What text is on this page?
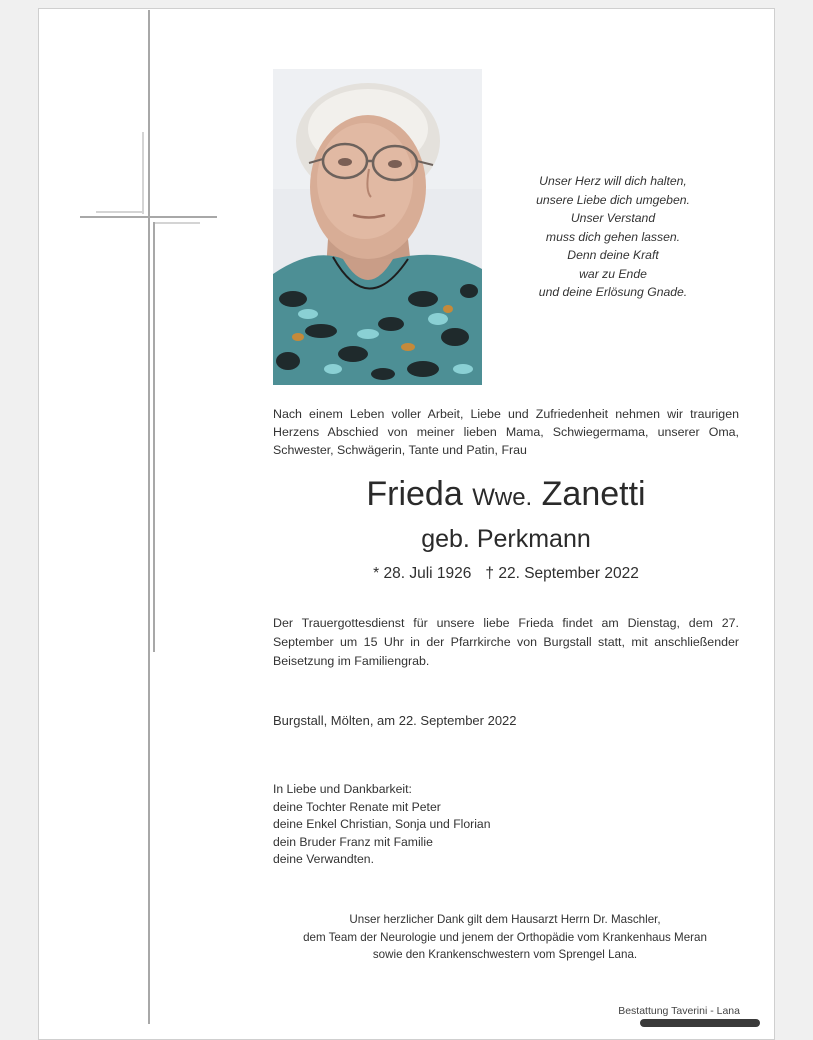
Unser Herz will dich halten,
unsere Liebe dich umgeben.
Unser Verstand
muss dich gehen lassen.
Denn deine Kraft
war zu Ende
und deine Erlösung Gnade.
Nach einem Leben voller Arbeit, Liebe und Zufriedenheit nehmen wir traurigen Herzens Abschied von meiner lieben Mama, Schwiegermama, unserer Oma, Schwester, Schwägerin, Tante und Patin, Frau
Frieda Wwe. Zanetti
geb. Perkmann
* 28. Juli 1926 † 22. September 2022
Der Trauergottesdienst für unsere liebe Frieda findet am Dienstag, dem 27. September um 15 Uhr in der Pfarrkirche von Burgstall statt, mit anschließender Beisetzung im Familiengrab.
Burgstall, Mölten, am 22. September 2022
In Liebe und Dankbarkeit:
deine Tochter Renate mit Peter
deine Enkel Christian, Sonja und Florian
dein Bruder Franz mit Familie
deine Verwandten.
Unser herzlicher Dank gilt dem Hausarzt Herrn Dr. Maschler,
dem Team der Neurologie und jenem der Orthopädie vom Krankenhaus Meran
sowie den Krankenschwestern vom Sprengel Lana.
Bestattung Taverini - Lana
